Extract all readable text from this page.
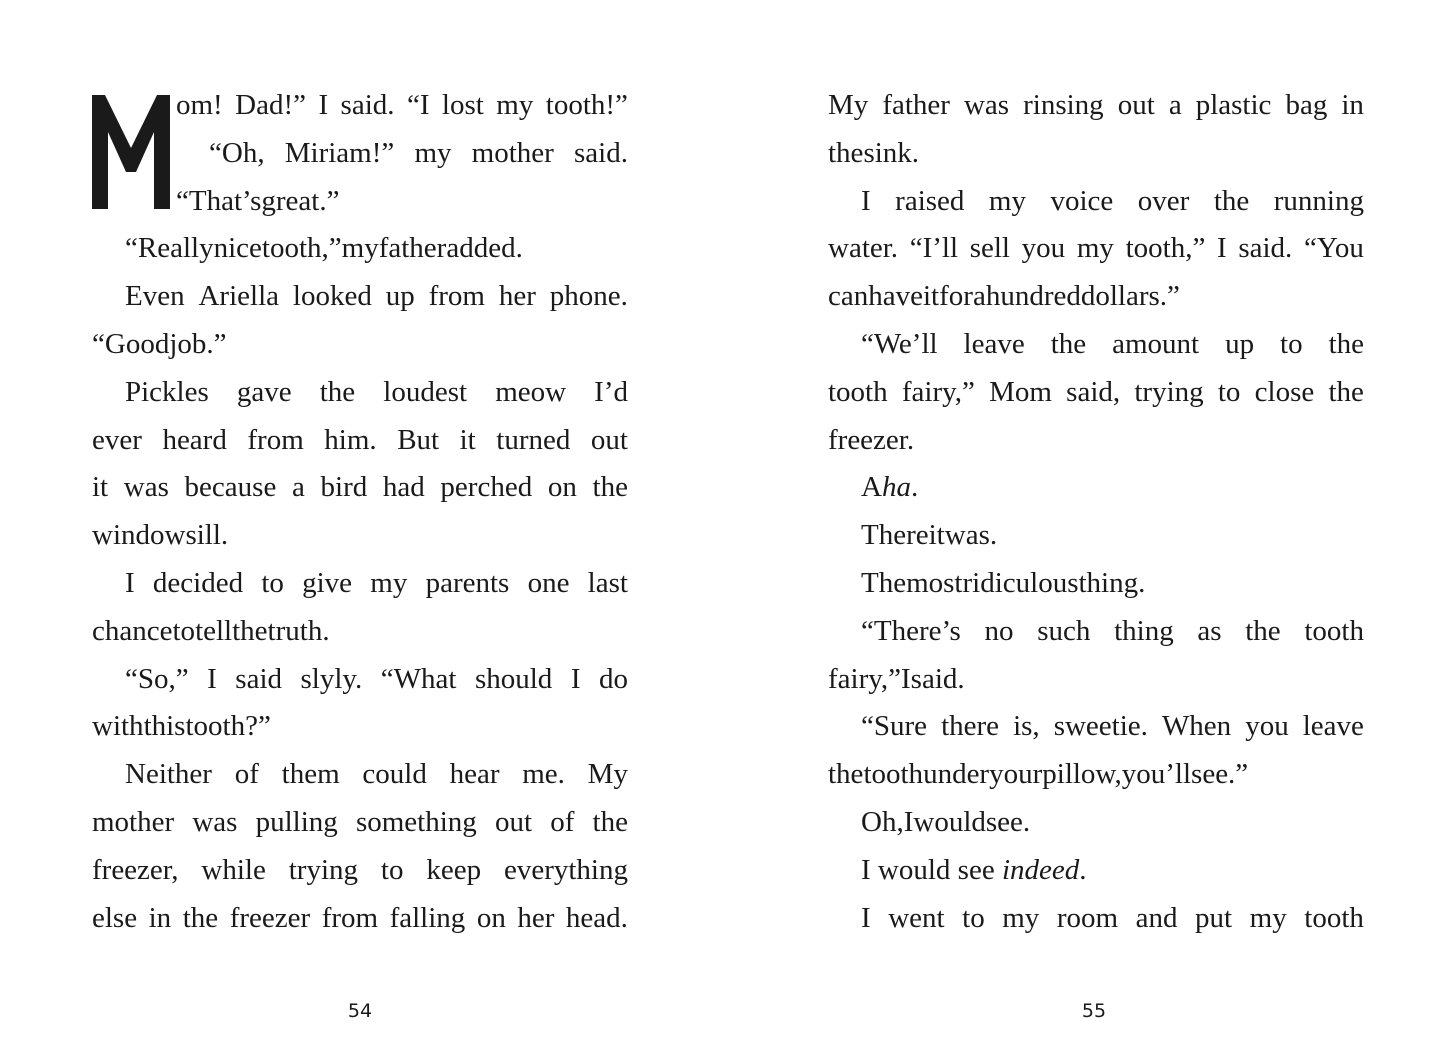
om! Dad!” I said. “I lost my tooth!”
“Oh, Miriam!” my mother said.
“That’s great.”
“Really nice tooth,” my father added.
Even Ariella looked up from her phone.
“Good job.”
Pickles gave the loudest meow I’d
ever heard from him. But it turned out
it was because a bird had perched on the
windowsill.
I decided to give my parents one last
chance to tell the truth.
“So,” I said slyly. “What should I do
with this tooth?”
Neither of them could hear me. My
mother was pulling something out of the
freezer, while trying to keep everything
else in the freezer from falling on her head.
54
My father was rinsing out a plastic bag in
the sink.
I raised my voice over the running
water. “I’ll sell you my tooth,” I said. “You
can have it for a hundred dollars.”
“We’ll leave the amount up to the
tooth fairy,” Mom said, trying to close the
freezer.
A ha .
There it was.
The most ridiculous thing.
“There’s no such thing as the tooth
fairy,” I said.
“Sure there is, sweetie. When you leave
the tooth under your pillow, you’ll see.”
Oh, I would see.
I would see indeed .
I went to my room and put my tooth
55
